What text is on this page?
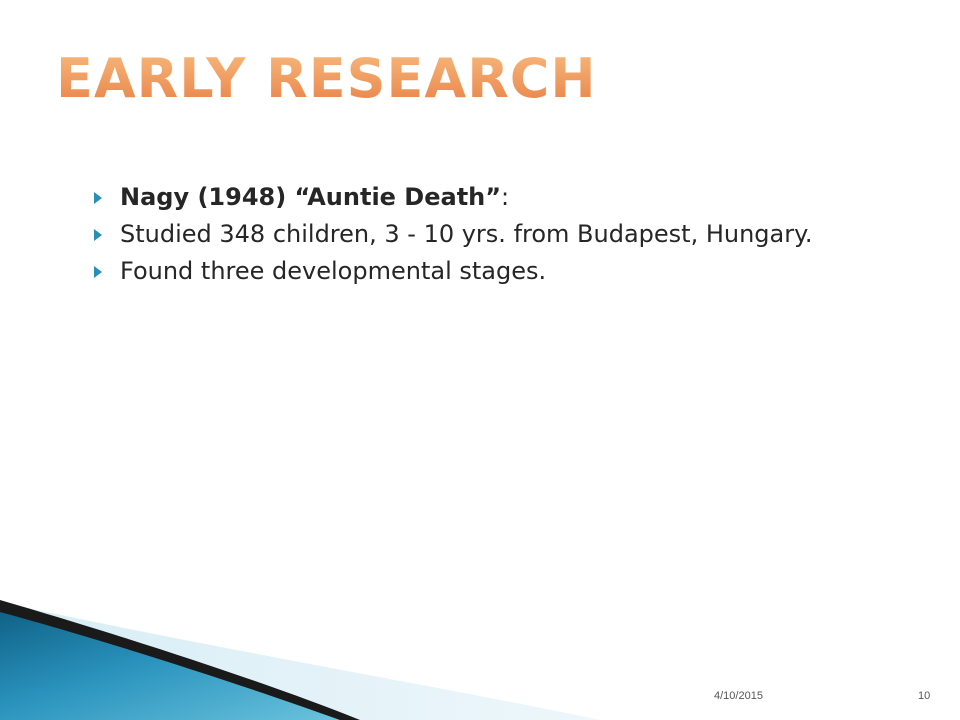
EARLY RESEARCH
Nagy (1948) “Auntie Death”:
Studied 348 children, 3 - 10 yrs. from Budapest, Hungary.
Found three developmental stages.
4/10/2015	10
